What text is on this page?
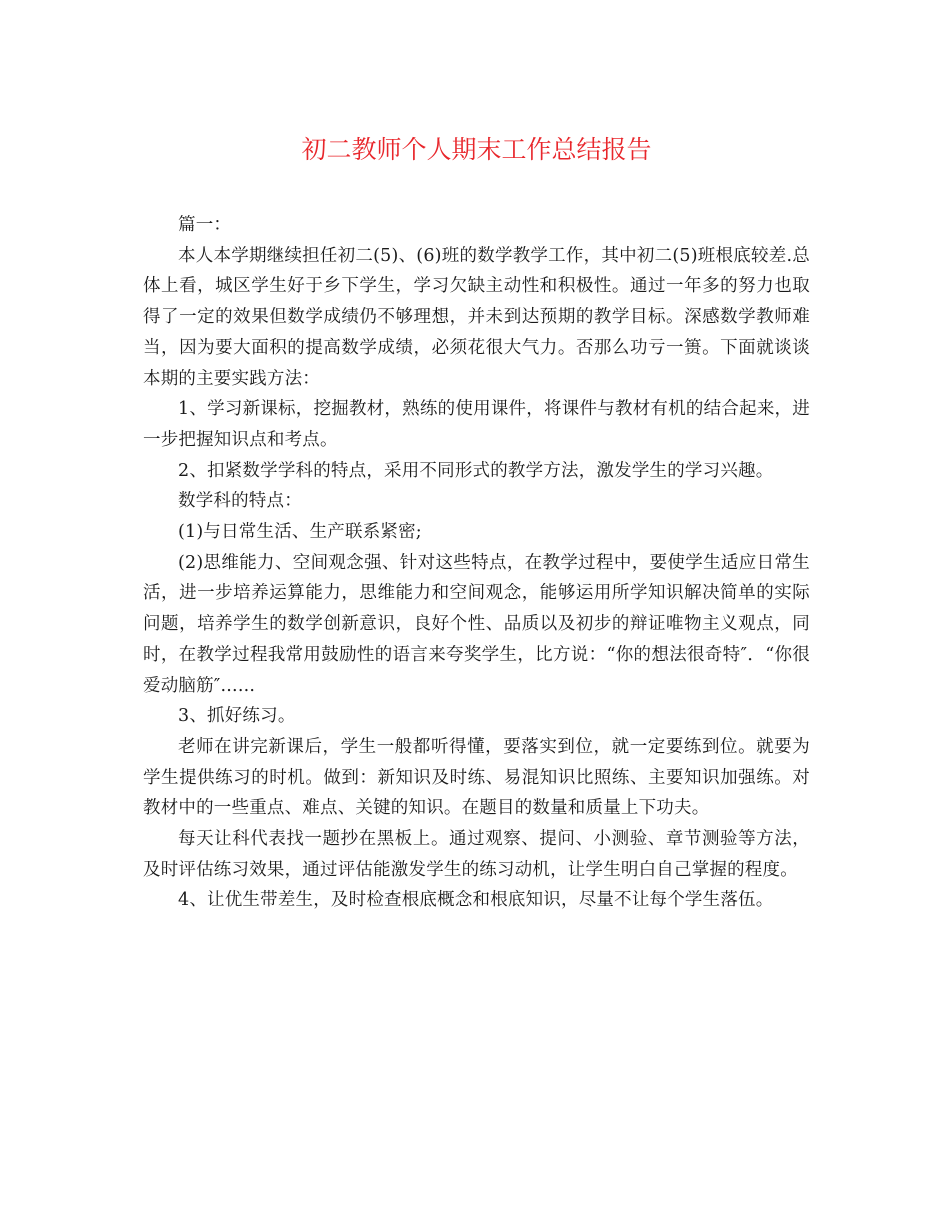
初二教师个人期末工作总结报告

篇一：

本人本学期继续担任初二(5)、(6)班的数学教学工作，其中初二(5)班根底较差.总体上看，城区学生好于乡下学生，学习欠缺主动性和积极性。通过一年多的努力也取得了一定的效果但数学成绩仍不够理想，并未到达预期的教学目标。深感数学教师难当，因为要大面积的提高数学成绩，必须花很大气力。否那么功亏一篑。下面就谈谈本期的主要实践方法：

1、学习新课标，挖掘教材，熟练的使用课件，将课件与教材有机的结合起来，进一步把握知识点和考点。

2、扣紧数学学科的特点，采用不同形式的教学方法，激发学生的学习兴趣。

数学科的特点：

(1)与日常生活、生产联系紧密;

(2)思维能力、空间观念强、针对这些特点，在教学过程中，要使学生适应日常生活，进一步培养运算能力，思维能力和空间观念，能够运用所学知识解决简单的实际问题，培养学生的数学创新意识，良好个性、品质以及初步的辩证唯物主义观点，同时，在教学过程我常用鼓励性的语言来夸奖学生，比方说：“你的想法很奇特″．“你很爱动脑筋″......

3、抓好练习。

老师在讲完新课后，学生一般都听得懂，要落实到位，就一定要练到位。就要为学生提供练习的时机。做到：新知识及时练、易混知识比照练、主要知识加强练。对教材中的一些重点、难点、关键的知识。在题目的数量和质量上下功夫。

每天让科代表找一题抄在黑板上。通过观察、提问、小测验、章节测验等方法，及时评估练习效果，通过评估能激发学生的练习动机，让学生明白自己掌握的程度。

4、让优生带差生，及时检查根底概念和根底知识，尽量不让每个学生落伍。
